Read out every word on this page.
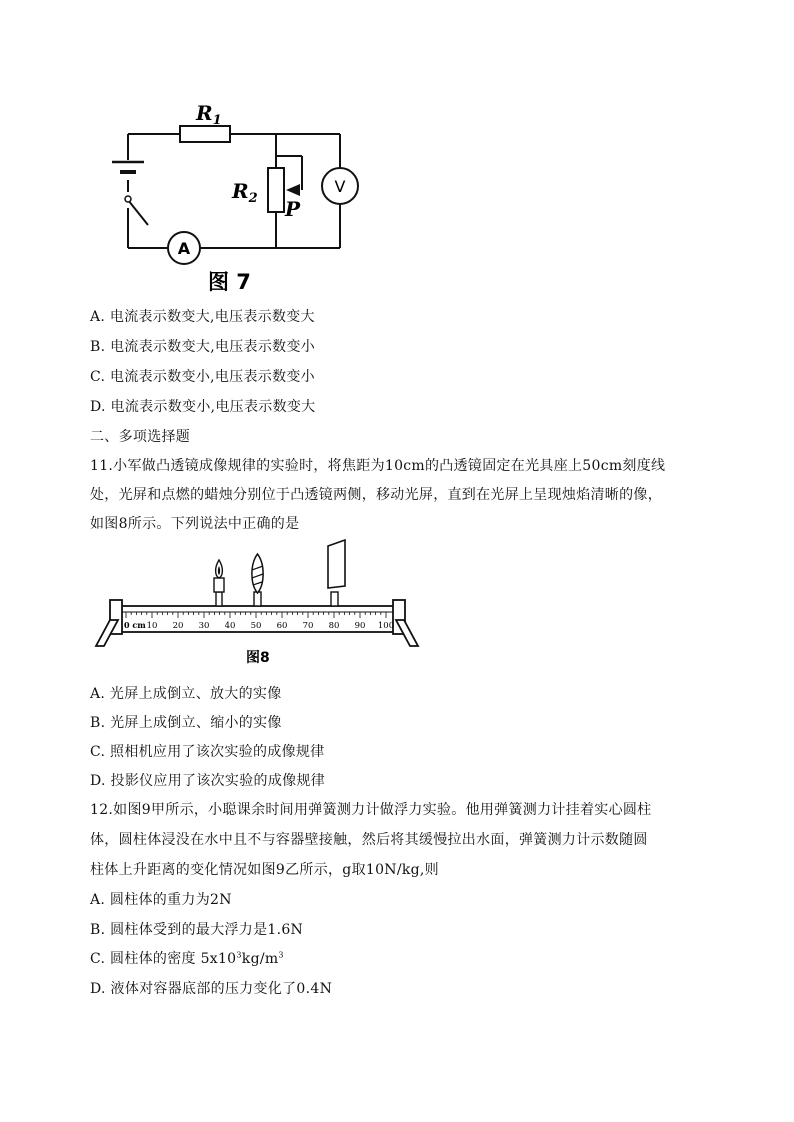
$R_1$
$R_2$ P
V
A
图 7
A. 电流表示数变大,电压表示数变大
B. 电流表示数变大,电压表示数变小
C. 电流表示数变小,电压表示数变小
D. 电流表示数变小,电压表示数变大
二、多项选择题
11.小军做凸透镜成像规律的实验时，将焦距为10cm的凸透镜固定在光具座上50cm刻度线
处，光屏和点燃的蜡烛分别位于凸透镜两侧，移动光屏，直到在光屏上呈现烛焰清晰的像，
如图8所示。下列说法中正确的是
0 cm 10 20 30 40 50 60 70 80 90 100
图8
A. 光屏上成倒立、放大的实像
B. 光屏上成倒立、缩小的实像
C. 照相机应用了该次实验的成像规律
D. 投影仪应用了该次实验的成像规律
12.如图9甲所示，小聪课余时间用弹簧测力计做浮力实验。他用弹簧测力计挂着实心圆柱
体，圆柱体浸没在水中且不与容器壁接触，然后将其缓慢拉出水面，弹簧测力计示数随圆
柱体上升距离的变化情况如图9乙所示，g取10N/kg,则
A. 圆柱体的重力为2N
B. 圆柱体受到的最大浮力是1.6N
C. 圆柱体的密度 $5x10^3kg/m^3$
D. 液体对容器底部的压力变化了0.4N
